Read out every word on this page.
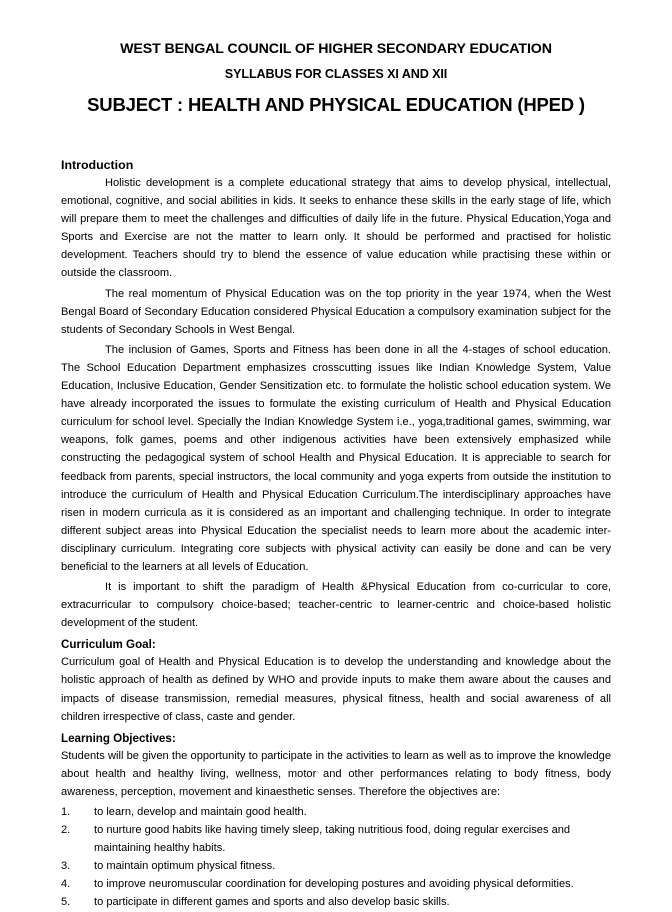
WEST BENGAL COUNCIL OF HIGHER SECONDARY EDUCATION
SYLLABUS FOR CLASSES XI AND XII
SUBJECT : HEALTH AND PHYSICAL EDUCATION (HPED )
Introduction

Holistic development is a complete educational strategy that aims to develop physical, intellectual, emotional, cognitive, and social abilities in kids. It seeks to enhance these skills in the early stage of life, which will prepare them to meet the challenges and difficulties of daily life in the future. Physical Education,Yoga and Sports and Exercise are not the matter to learn only. It should be performed and practised for holistic development. Teachers should try to blend the essence of value education while practising these within or outside the classroom.

The real momentum of Physical Education was on the top priority in the year 1974, when the West Bengal Board of Secondary Education considered Physical Education a compulsory examination subject for the students of Secondary Schools in West Bengal.

The inclusion of Games, Sports and Fitness has been done in all the 4-stages of school education. The School Education Department emphasizes crosscutting issues like Indian Knowledge System, Value Education, Inclusive Education, Gender Sensitization etc. to formulate the holistic school education system. We have already incorporated the issues to formulate the existing curriculum of Health and Physical Education curriculum for school level. Specially the Indian Knowledge System i.e., yoga,traditional games, swimming, war weapons, folk games, poems and other indigenous activities have been extensively emphasized while constructing the pedagogical system of school Health and Physical Education. It is appreciable to search for feedback from parents, special instructors, the local community and yoga experts from outside the institution to introduce the curriculum of Health and Physical Education Curriculum.The interdisciplinary approaches have risen in modern curricula as it is considered as an important and challenging technique. In order to integrate different subject areas into Physical Education the specialist needs to learn more about the academic inter-disciplinary curriculum. Integrating core subjects with physical activity can easily be done and can be very beneficial to the learners at all levels of Education.

It is important to shift the paradigm of Health &Physical Education from co-curricular to core, extracurricular to compulsory choice-based; teacher-centric to learner-centric and choice-based holistic development of the student.

Curriculum Goal:

Curriculum goal of Health and Physical Education is to develop the understanding and knowledge about the holistic approach of health as defined by WHO and provide inputs to make them aware about the causes and impacts of disease transmission, remedial measures, physical fitness, health and social awareness of all children irrespective of class, caste and gender.

Learning Objectives:

Students will be given the opportunity to participate in the activities to learn as well as to improve the knowledge about health and healthy living, wellness, motor and other performances relating to body fitness, body awareness, perception, movement and kinaesthetic senses. Therefore the objectives are:

1.	to learn, develop and maintain good health.
2.	to nurture good habits like having timely sleep, taking nutritious food, doing regular exercises and maintaining healthy habits.
3.	to maintain optimum physical fitness.
4.	to improve neuromuscular coordination for developing postures and avoiding physical deformities.
5.	to participate in different games and sports and also develop basic skills.
